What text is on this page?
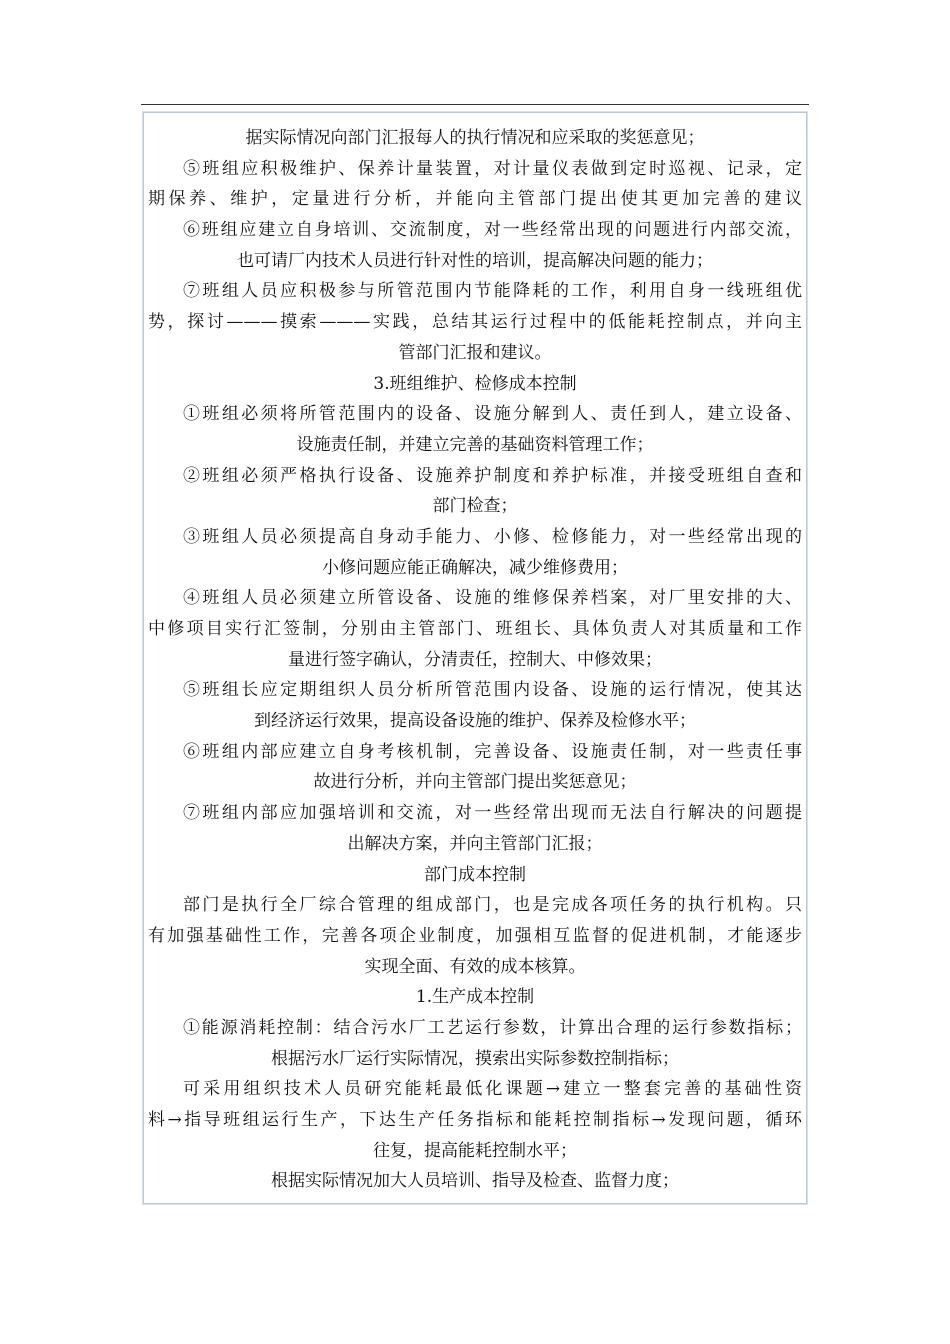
据实际情况向部门汇报每人的执行情况和应采取的奖惩意见；
⑤班组应积极维护、保养计量装置，对计量仪表做到定时巡视、记录，定
期保养、维护，定量进行分析，并能向主管部门提出使其更加完善的建议
⑥班组应建立自身培训、交流制度，对一些经常出现的问题进行内部交流，
也可请厂内技术人员进行针对性的培训，提高解决问题的能力；
⑦班组人员应积极参与所管范围内节能降耗的工作，利用自身一线班组优
势，探讨———摸索———实践，总结其运行过程中的低能耗控制点，并向主
管部门汇报和建议。
3.班组维护、检修成本控制
①班组必须将所管范围内的设备、设施分解到人、责任到人，建立设备、
设施责任制，并建立完善的基础资料管理工作；
②班组必须严格执行设备、设施养护制度和养护标准，并接受班组自查和
部门检查；
③班组人员必须提高自身动手能力、小修、检修能力，对一些经常出现的
小修问题应能正确解决，减少维修费用；
④班组人员必须建立所管设备、设施的维修保养档案，对厂里安排的大、
中修项目实行汇签制，分别由主管部门、班组长、具体负责人对其质量和工作
量进行签字确认，分清责任，控制大、中修效果；
⑤班组长应定期组织人员分析所管范围内设备、设施的运行情况，使其达
到经济运行效果，提高设备设施的维护、保养及检修水平；
⑥班组内部应建立自身考核机制，完善设备、设施责任制，对一些责任事
故进行分析，并向主管部门提出奖惩意见；
⑦班组内部应加强培训和交流，对一些经常出现而无法自行解决的问题提
出解决方案，并向主管部门汇报；
部门成本控制
部门是执行全厂综合管理的组成部门，也是完成各项任务的执行机构。只
有加强基础性工作，完善各项企业制度，加强相互监督的促进机制，才能逐步
实现全面、有效的成本核算。
1.生产成本控制
①能源消耗控制：结合污水厂工艺运行参数，计算出合理的运行参数指标；
根据污水厂运行实际情况，摸索出实际参数控制指标；
可采用组织技术人员研究能耗最低化课题→建立一整套完善的基础性资
料→指导班组运行生产，下达生产任务指标和能耗控制指标→发现问题，循环
往复，提高能耗控制水平；
根据实际情况加大人员培训、指导及检查、监督力度；
